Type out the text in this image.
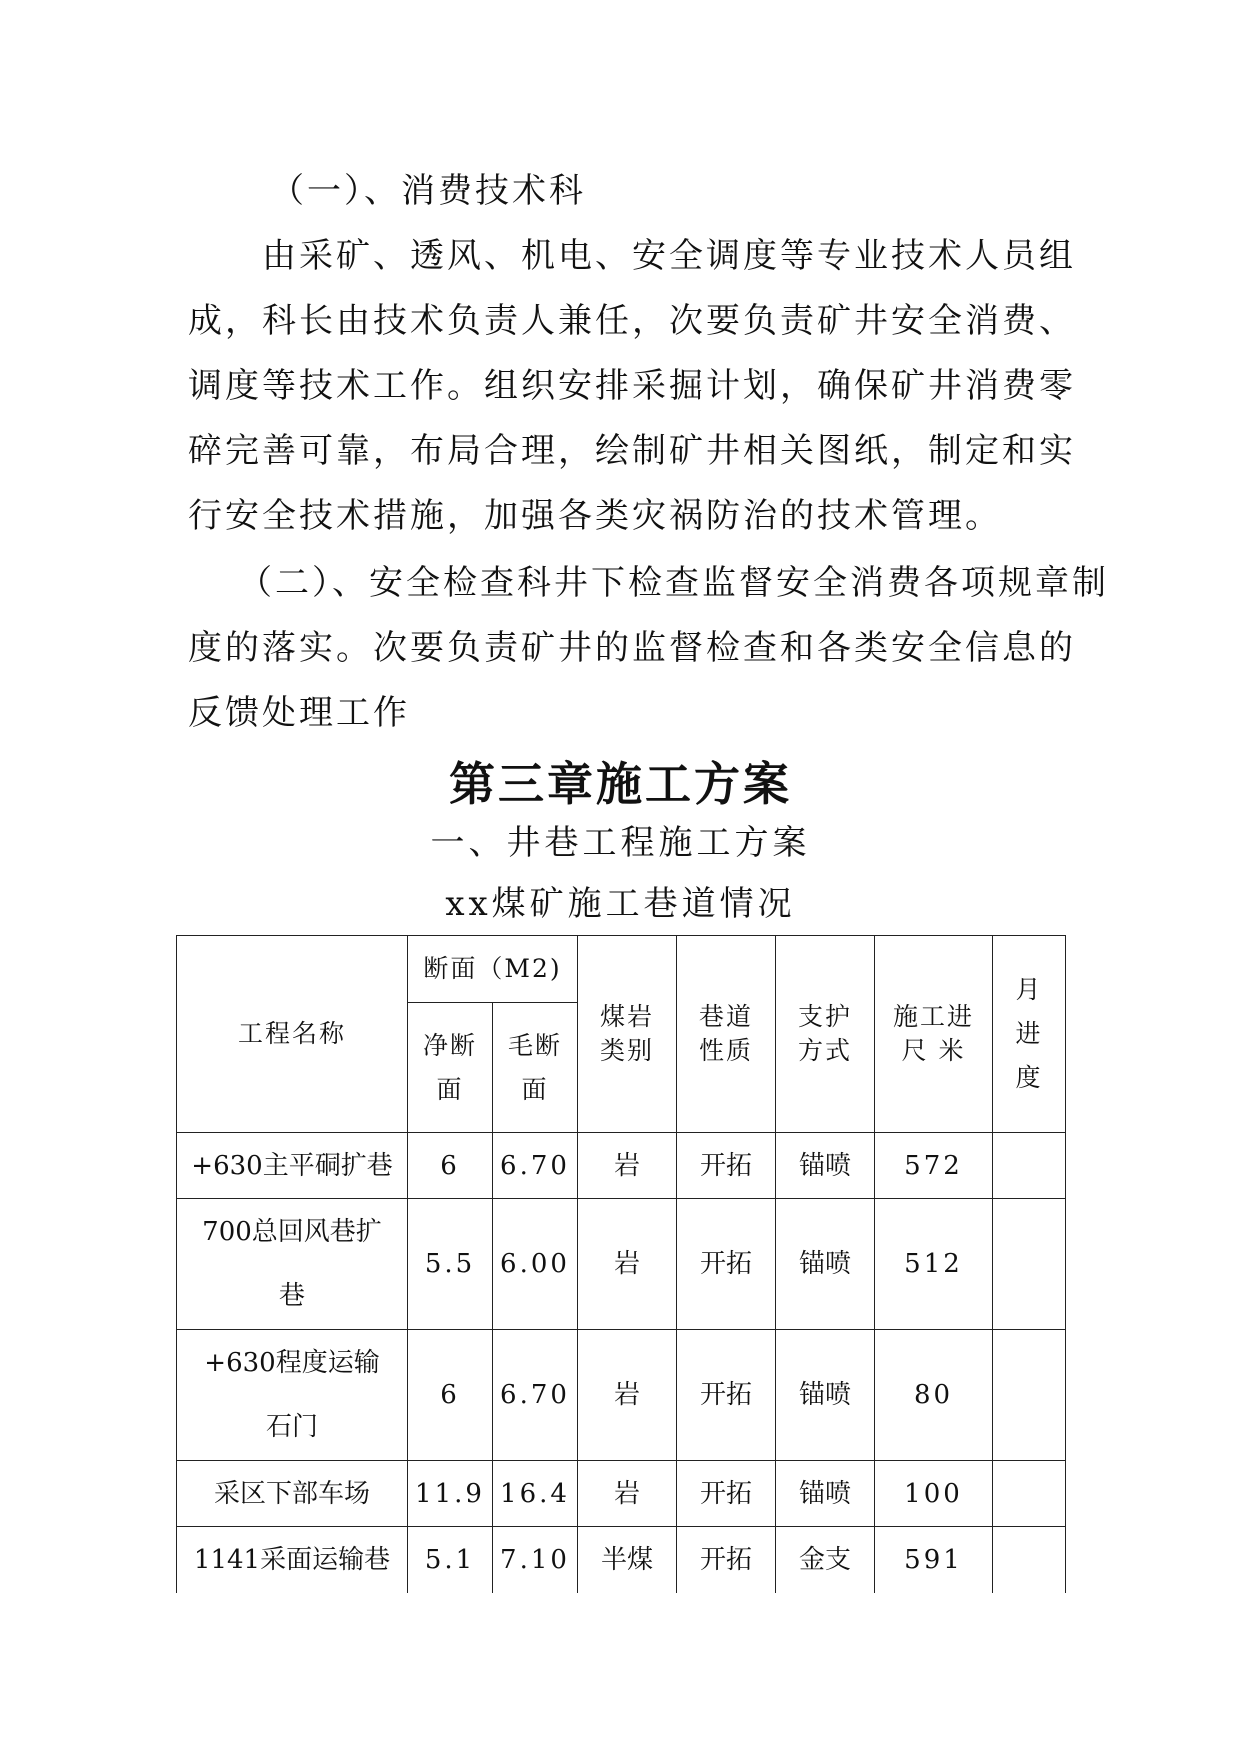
（一）、消费技术科
由采矿、透风、机电、安全调度等专业技术人员组
成，科长由技术负责人兼任，次要负责矿井安全消费、
调度等技术工作。组织安排采掘计划，确保矿井消费零
碎完善可靠，布局合理，绘制矿井相关图纸，制定和实
行安全技术措施，加强各类灾祸防治的技术管理。
（二）、安全检查科井下检查监督安全消费各项规章制
度的落实。次要负责矿井的监督检查和各类安全信息的
反馈处理工作
第三章施工方案
一、井巷工程施工方案
xx煤矿施工巷道情况
工程名称	断面（M2)		煤岩类别	巷道性质	支护方式	施工进尺 米	月进度
	净断面	毛断面					
+630主平硐扩巷	6	6.70	岩	开拓	锚喷	572	
700总回风巷扩巷	5.5	6.00	岩	开拓	锚喷	512	
+630程度运输石门	6	6.70	岩	开拓	锚喷	80	
采区下部车场	11.9	16.4	岩	开拓	锚喷	100	
1141采面运输巷	5.1	7.10	半煤	开拓	金支	591	
